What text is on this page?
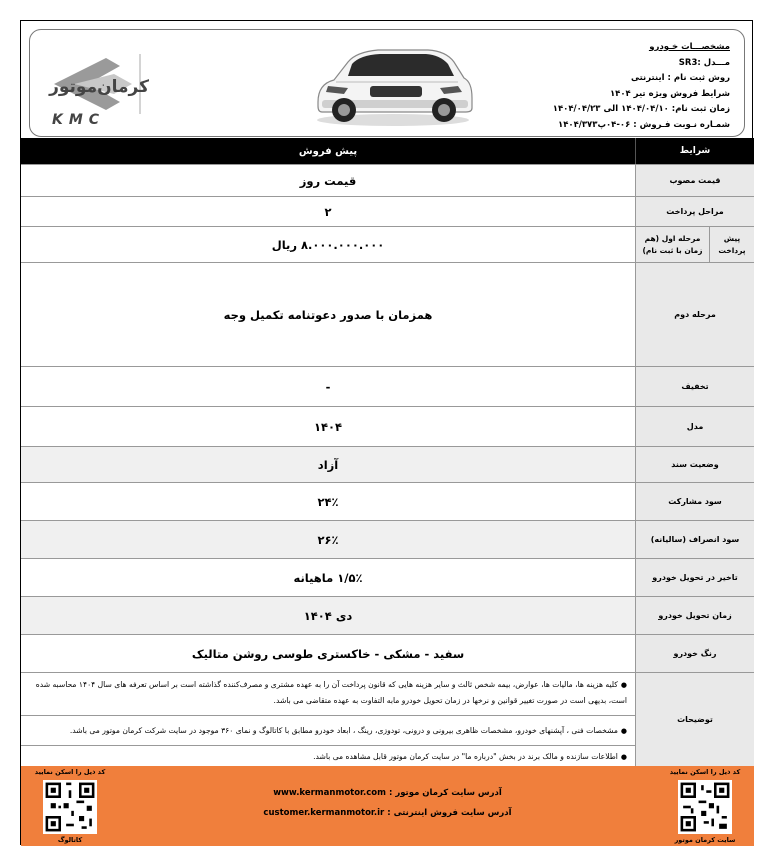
مشخصـــات خـودرو
مـــدل :SR3
روش ثبت نام : اینترنتی
شرایط فروش ویژه تیر ۱۴۰۴
زمان ثبت نام: ۱۴۰۴/۰۴/۱۰ الی ۱۴۰۴/۰۴/۲۳
شمـاره نـوبت فـروش : ۰۶-۰۴پ۱۴۰۴/۳۷۳
KMC
کرمان‌موتور
شرایط
پیش فروش
قیمت مصوب
قیمت روز
مراحل پرداخت
۲
پیش پرداخت
مرحله اول (هم زمان با ثبت نام)
۸.۰۰۰.۰۰۰.۰۰۰ ریال
مرحله دوم
همزمان با صدور دعوتنامه تکمیل وجه
تخفیف
-
مدل
۱۴۰۴
وضعیت سند
آزاد
سود مشارکت
۲۴٪
سود انصراف (سالیانه)
۲۶٪
تاخیر در تحویل خودرو
۱/۵٪ ماهیانه
زمان تحویل خودرو
دی ۱۴۰۴
رنگ خودرو
سفید - مشکی - خاکستری طوسی روشن متالیک
توضیحات
●کلیه هزینه ها، مالیات ها، عوارض، بیمه شخص ثالث و سایر هزینه هایی که قانون پرداخت آن را به عهده مشتری و مصرف‌کننده گذاشته است بر اساس تعرفه های سال ۱۴۰۴ محاسبه شده است، بدیهی است در صورت تغییر قوانین و نرخها در زمان تحویل خودرو مابه التفاوت به عهده متقاضی می باشد.
●مشخصات فنی ، آپشنهای خودرو، مشخصات ظاهری بیرونی و درونی، تودوزی، رینگ ، ابعاد خودرو مطابق با کاتالوگ و نمای ۳۶۰ موجود در سایت شرکت کرمان موتور می باشد.
●اطلاعات سازنده و مالک برند در بخش "درباره ما" در سایت کرمان موتور قابل مشاهده می باشد.
کد ذیل را اسکن نمایید
سایت کرمان موتور
آدرس سایت کرمان موتور : www.kermanmotor.com
آدرس سایت فروش اینترنتی : customer.kermanmotor.ir
کد ذیل را اسکن نمایید
کاتالوگ
